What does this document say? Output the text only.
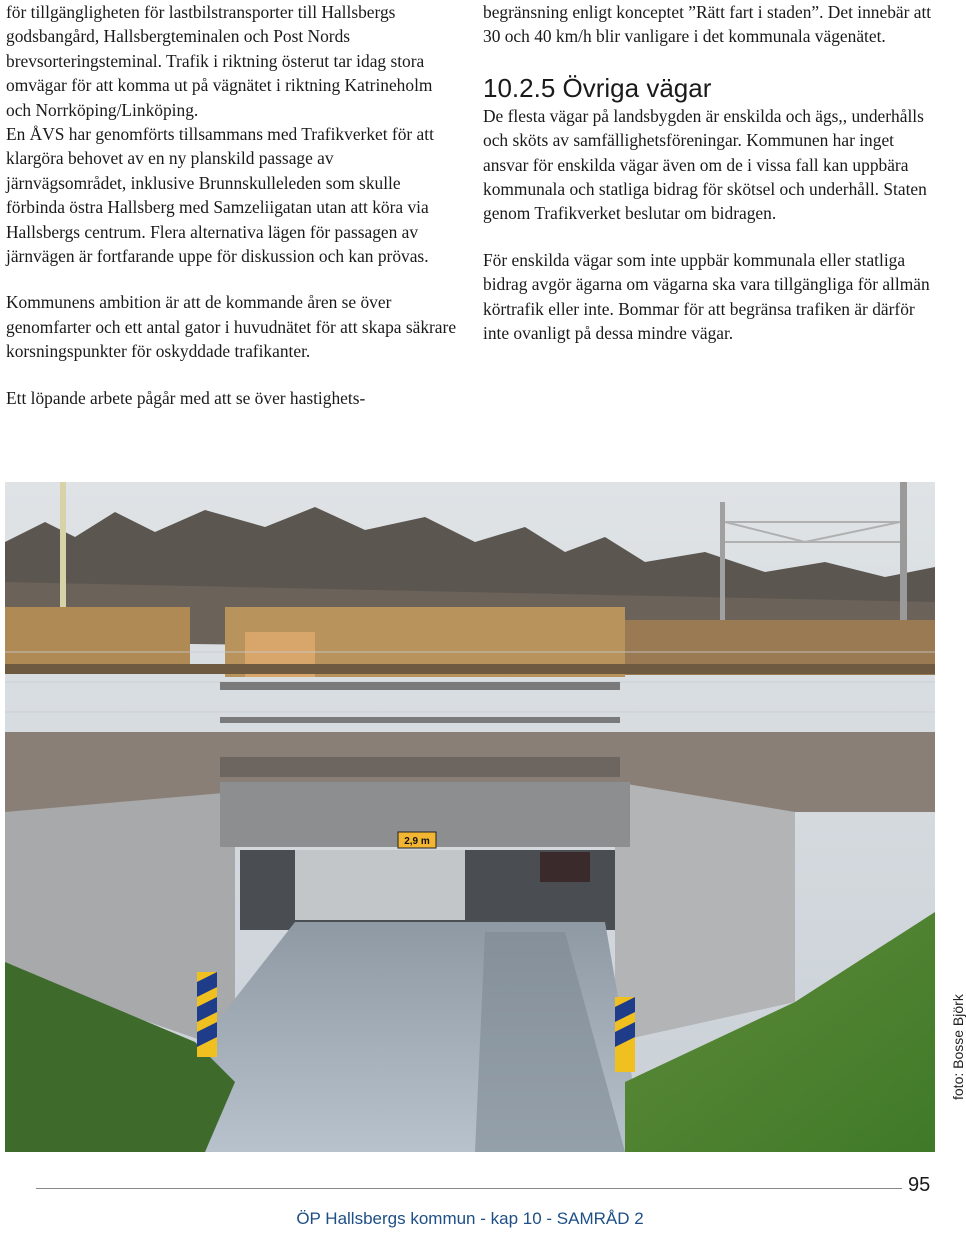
för tillgängligheten för lastbilstransporter till Hallsbergs godsbangård, Hallsbergteminalen och Post Nords brevsorteringsteminal. Trafik i riktning österut tar idag stora omvägar för att komma ut på vägnätet i riktning Katrineholm och Norrköping/Linköping.

En ÅVS har genomförts tillsammans med Trafikverket för att klargöra behovet av en ny planskild passage av järnvägsområdet, inklusive Brunnskulleleden som skulle förbinda östra Hallsberg med Samzeliigatan utan att köra via Hallsbergs centrum. Flera alternativa lägen för passagen av järnvägen är fortfarande uppe för diskussion och kan prövas.

Kommunens ambition är att de kommande åren se över genomfarter och ett antal gator i huvudnätet för att skapa säkrare korsningspunkter för oskyddade trafikanter.

Ett löpande arbete pågår med att se över hastighets-

begränsning enligt konceptet ”Rätt fart i staden”. Det innebär att 30 och 40 km/h blir vanligare i det kommunala vägenätet.

10.2.5 Övriga vägar

De flesta vägar på landsbygden är enskilda och ägs,, underhålls och sköts av samfällighetsföreningar. Kommunen har inget ansvar för enskilda vägar även om de i vissa fall kan uppbära kommunala och statliga bidrag för skötsel och underhåll. Staten genom Trafikverket beslutar om bidragen.

För enskilda vägar som inte uppbär kommunala eller statliga bidrag avgör ägarna om vägarna ska vara tillgängliga för allmän körtrafik eller inte. Bommar för att begränsa trafiken är därför inte ovanligt på dessa mindre vägar.

2,9 m
foto: Bosse Björk
95
ÖP Hallsbergs kommun - kap 10 - SAMRÅD 2
